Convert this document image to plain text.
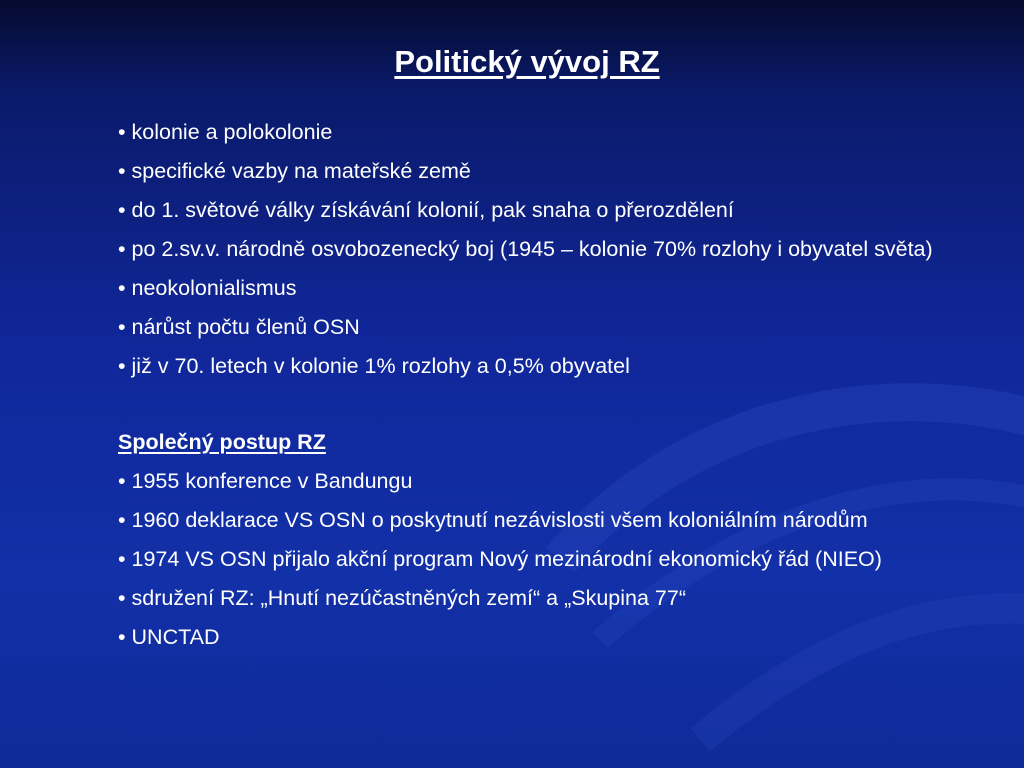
Politický vývoj RZ
• kolonie a polokolonie
• specifické vazby na mateřské země
• do 1. světové války získávání kolonií, pak snaha o přerozdělení
• po 2.sv.v. národně osvobozenecký boj (1945 – kolonie 70% rozlohy i obyvatel světa)
• neokolonialismus
• nárůst počtu členů OSN
• již v 70. letech v kolonie 1% rozlohy a 0,5% obyvatel
Společný postup RZ
• 1955 konference v Bandungu
• 1960 deklarace VS OSN o poskytnutí nezávislosti všem koloniálním národům
• 1974 VS OSN přijalo akční program Nový mezinárodní ekonomický řád (NIEO)
• sdružení RZ: „Hnutí nezúčastněných zemí“ a „Skupina 77“
• UNCTAD
